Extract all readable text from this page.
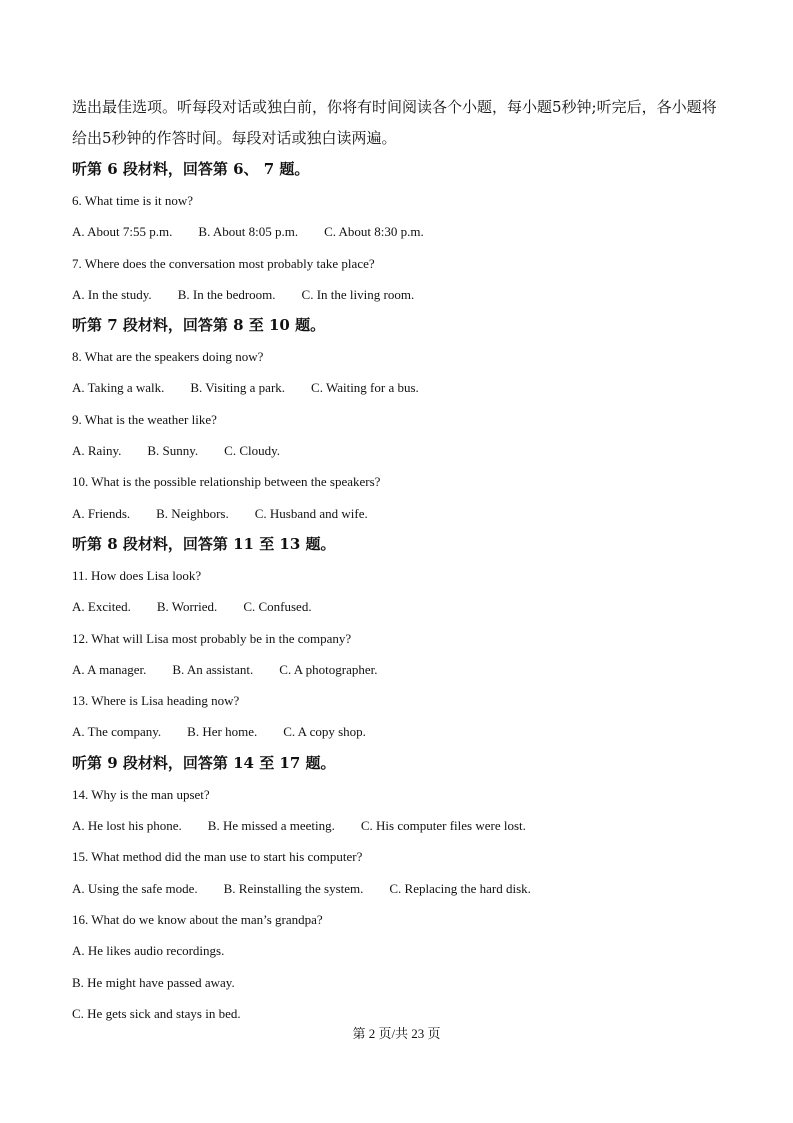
选出最佳选项。听每段对话或独白前，你将有时间阅读各个小题，每小题5秒钟;听完后，各小题将给出5秒钟的作答时间。每段对话或独白读两遍。

听第 6 段材料，回答第 6、 7 题。

6. What time is it now?

A. About 7:55 p.m. B. About 8:05 p.m. C. About 8:30 p.m.

7. Where does the conversation most probably take place?

A. In the study. B. In the bedroom. C. In the living room.

听第 7 段材料，回答第 8 至 10 题。

8. What are the speakers doing now?

A. Taking a walk. B. Visiting a park. C. Waiting for a bus.

9. What is the weather like?

A. Rainy. B. Sunny. C. Cloudy.

10. What is the possible relationship between the speakers?

A. Friends. B. Neighbors. C. Husband and wife.

听第 8 段材料，回答第 11 至 13 题。

11. How does Lisa look?

A. Excited. B. Worried. C. Confused.

12. What will Lisa most probably be in the company?

A. A manager. B. An assistant. C. A photographer.

13. Where is Lisa heading now?

A. The company. B. Her home. C. A copy shop.

听第 9 段材料，回答第 14 至 17 题。

14. Why is the man upset?

A. He lost his phone. B. He missed a meeting. C. His computer files were lost.

15. What method did the man use to start his computer?

A. Using the safe mode. B. Reinstalling the system. C. Replacing the hard disk.

16. What do we know about the man’s grandpa?

A. He likes audio recordings.

B. He might have passed away.

C. He gets sick and stays in bed.

第 2 页/共 23 页
